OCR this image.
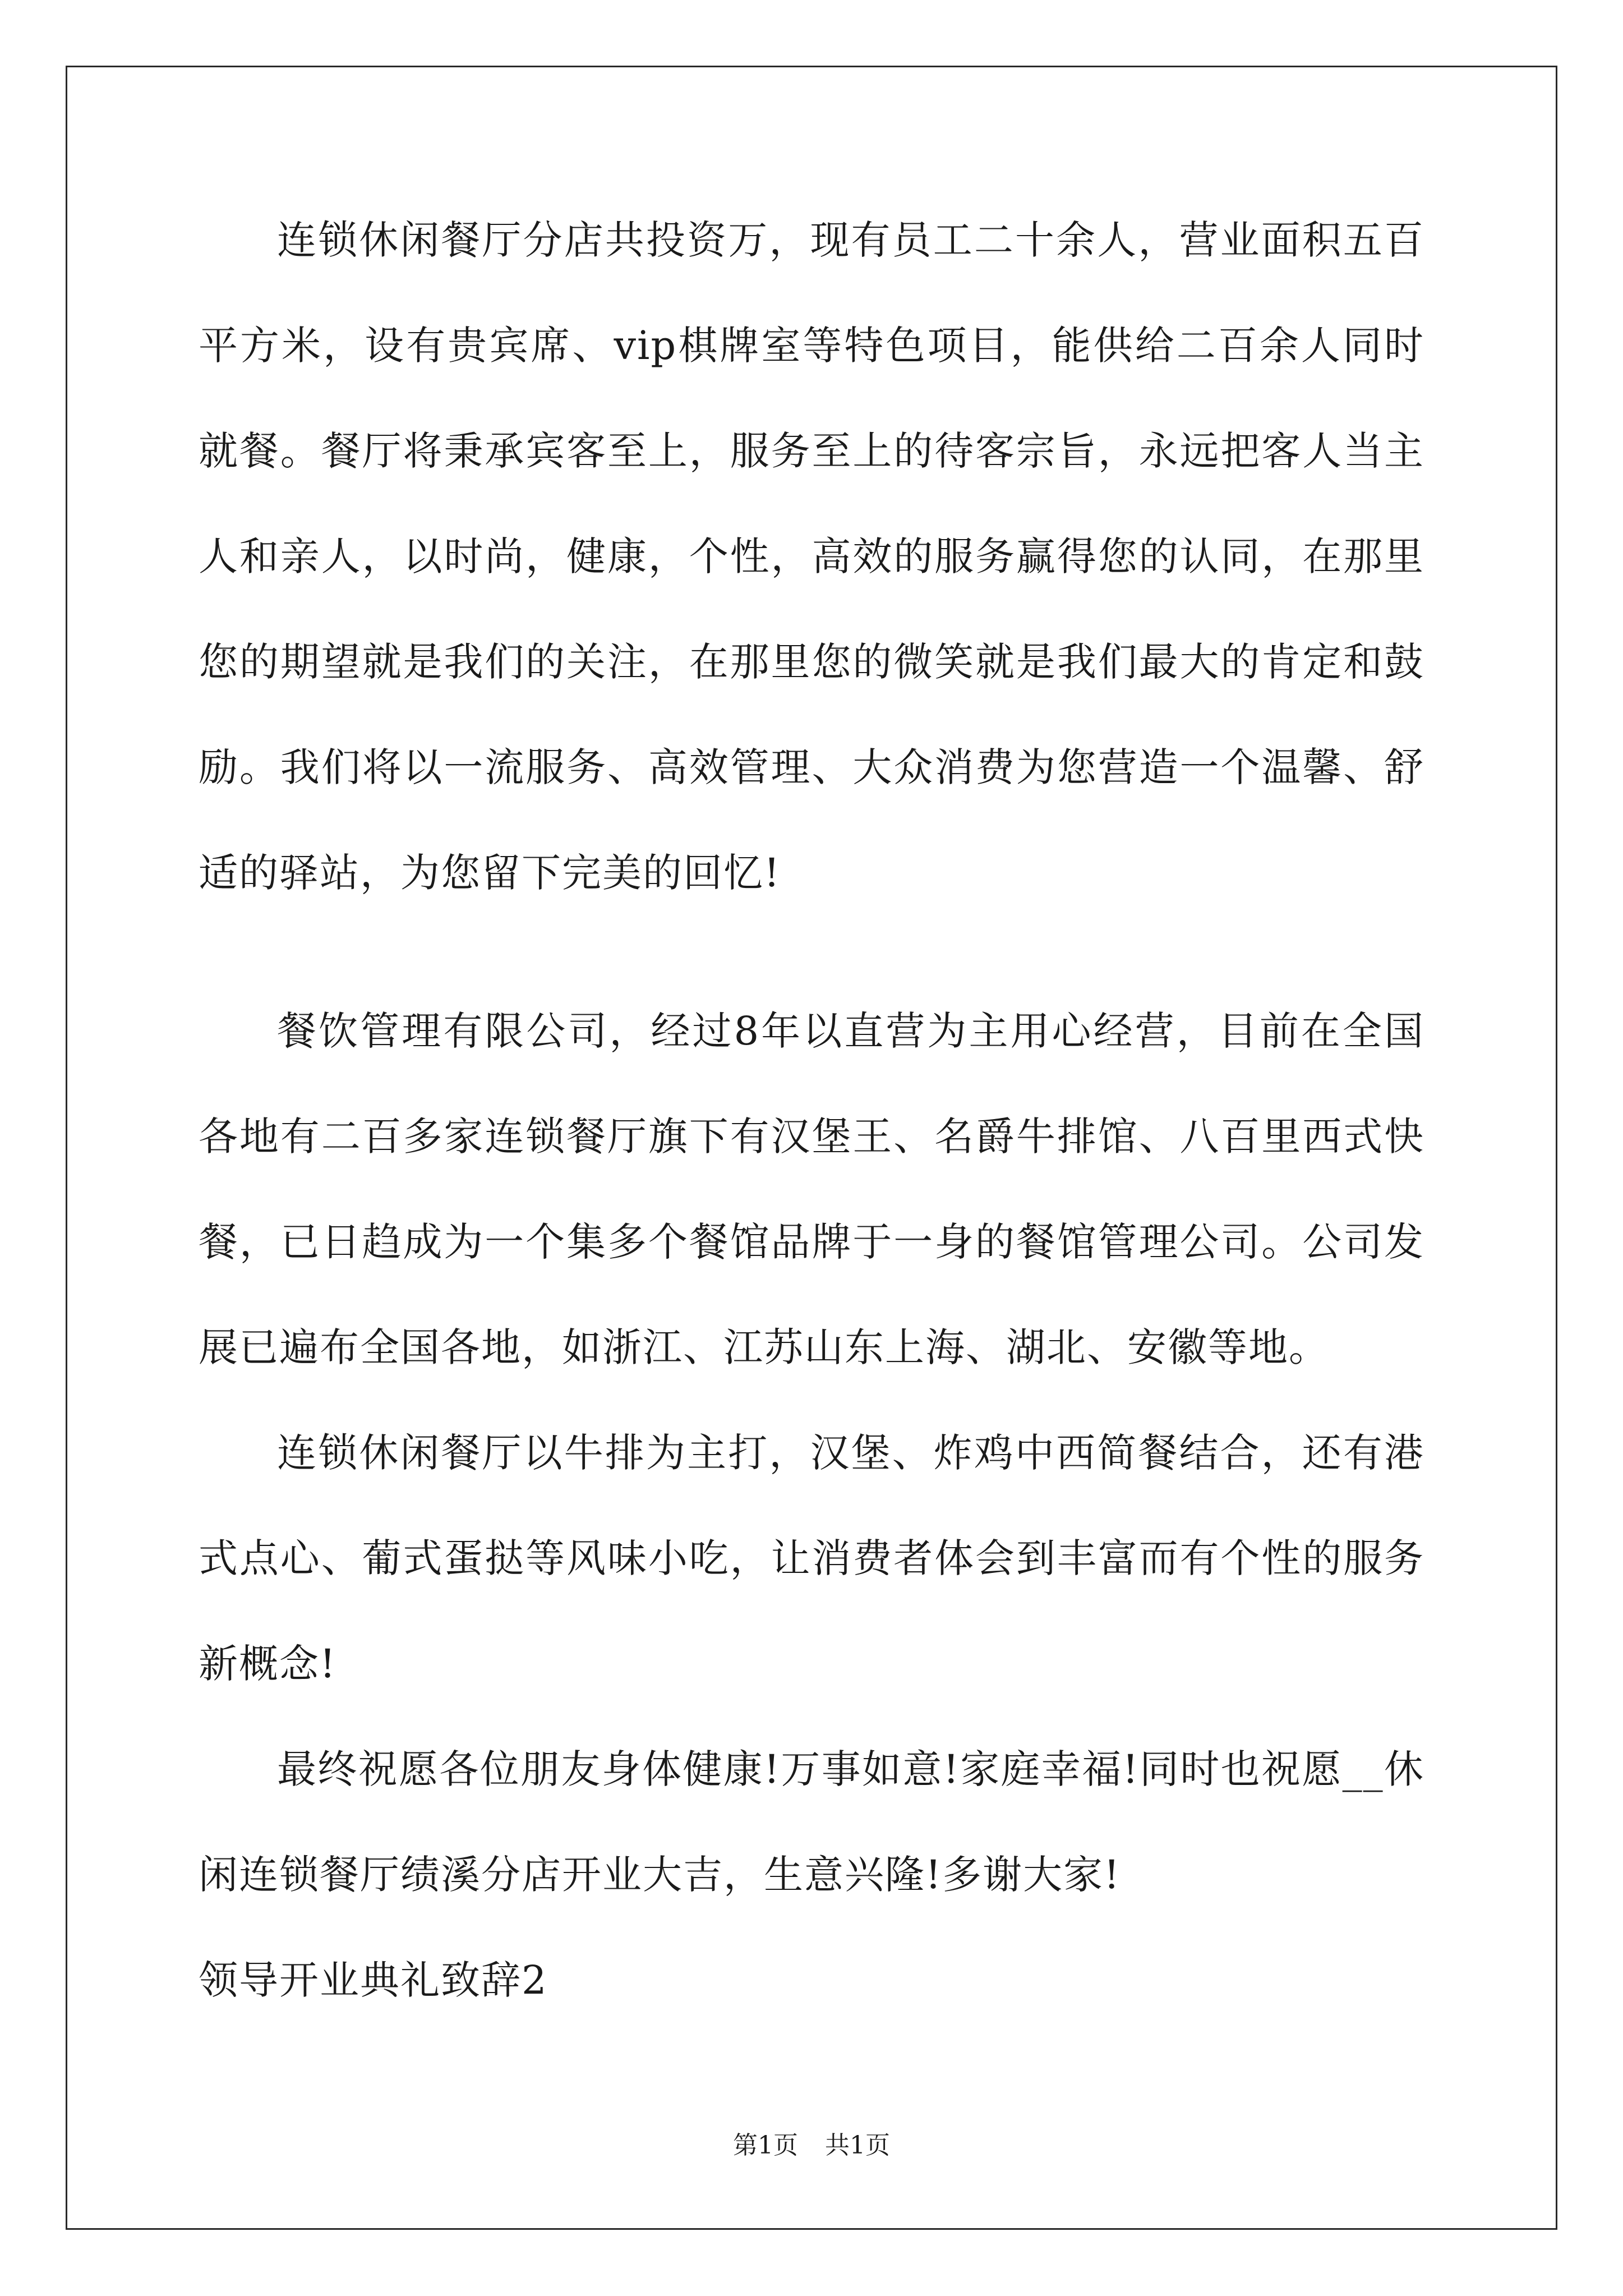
连锁休闲餐厅分店共投资万，现有员工二十余人，营业面积五百平方米，设有贵宾席、vip棋牌室等特色项目，能供给二百余人同时就餐。餐厅将秉承宾客至上，服务至上的待客宗旨，永远把客人当主人和亲人，以时尚，健康，个性，高效的服务赢得您的认同，在那里您的期望就是我们的关注，在那里您的微笑就是我们最大的肯定和鼓励。我们将以一流服务、高效管理、大众消费为您营造一个温馨、舒适的驿站，为您留下完美的回忆!

餐饮管理有限公司，经过8年以直营为主用心经营，目前在全国各地有二百多家连锁餐厅旗下有汉堡王、名爵牛排馆、八百里西式快餐，已日趋成为一个集多个餐馆品牌于一身的餐馆管理公司。公司发展已遍布全国各地，如浙江、江苏山东上海、湖北、安徽等地。

连锁休闲餐厅以牛排为主打，汉堡、炸鸡中西简餐结合，还有港式点心、葡式蛋挞等风味小吃，让消费者体会到丰富而有个性的服务新概念!

最终祝愿各位朋友身体健康!万事如意!家庭幸福!同时也祝愿__休闲连锁餐厅绩溪分店开业大吉，生意兴隆!多谢大家!

领导开业典礼致辞2
第1页 共1页
